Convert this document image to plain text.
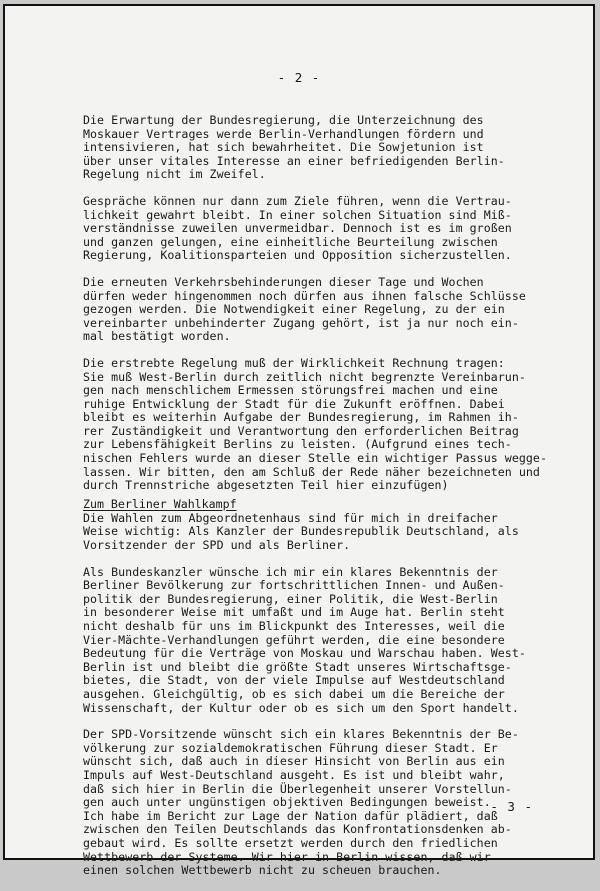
- 2 -
Die Erwartung der Bundesregierung, die Unterzeichnung des
Moskauer Vertrages werde Berlin-Verhandlungen fördern und
intensivieren, hat sich bewahrheitet. Die Sowjetunion ist
über unser vitales Interesse an einer befriedigenden Berlin-
Regelung nicht im Zweifel.
Gespräche können nur dann zum Ziele führen, wenn die Vertrau-
lichkeit gewahrt bleibt. In einer solchen Situation sind Miß-
verständnisse zuweilen unvermeidbar. Dennoch ist es im großen
und ganzen gelungen, eine einheitliche Beurteilung zwischen
Regierung, Koalitionsparteien und Opposition sicherzustellen.
Die erneuten Verkehrsbehinderungen dieser Tage und Wochen
dürfen weder hingenommen noch dürfen aus ihnen falsche Schlüsse
gezogen werden. Die Notwendigkeit einer Regelung, zu der ein
vereinbarter unbehinderter Zugang gehört, ist ja nur noch ein-
mal bestätigt worden.
Die erstrebte Regelung muß der Wirklichkeit Rechnung tragen:
Sie muß West-Berlin durch zeitlich nicht begrenzte Vereinbarun-
gen nach menschlichem Ermessen störungsfrei machen und eine
ruhige Entwicklung der Stadt für die Zukunft eröffnen. Dabei
bleibt es weiterhin Aufgabe der Bundesregierung, im Rahmen ih-
rer Zuständigkeit und Verantwortung den erforderlichen Beitrag
zur Lebensfähigkeit Berlins zu leisten. (Aufgrund eines tech-
nischen Fehlers wurde an dieser Stelle ein wichtiger Passus wegge-
lassen. Wir bitten, den am Schluß der Rede näher bezeichneten und
durch Trennstriche abgesetzten Teil hier einzufügen)
Zum Berliner Wahlkampf
Die Wahlen zum Abgeordnetenhaus sind für mich in dreifacher
Weise wichtig: Als Kanzler der Bundesrepublik Deutschland, als
Vorsitzender der SPD und als Berliner.
Als Bundeskanzler wünsche ich mir ein klares Bekenntnis der
Berliner Bevölkerung zur fortschrittlichen Innen- und Außen-
politik der Bundesregierung, einer Politik, die West-Berlin
in besonderer Weise mit umfaßt und im Auge hat. Berlin steht
nicht deshalb für uns im Blickpunkt des Interesses, weil die
Vier-Mächte-Verhandlungen geführt werden, die eine besondere
Bedeutung für die Verträge von Moskau und Warschau haben. West-
Berlin ist und bleibt die größte Stadt unseres Wirtschaftsge-
bietes, die Stadt, von der viele Impulse auf Westdeutschland
ausgehen. Gleichgültig, ob es sich dabei um die Bereiche der
Wissenschaft, der Kultur oder ob es sich um den Sport handelt.
Der SPD-Vorsitzende wünscht sich ein klares Bekenntnis der Be-
völkerung zur sozialdemokratischen Führung dieser Stadt. Er
wünscht sich, daß auch in dieser Hinsicht von Berlin aus ein
Impuls auf West-Deutschland ausgeht. Es ist und bleibt wahr,
daß sich hier in Berlin die Überlegenheit unserer Vorstellun-
gen auch unter ungünstigen objektiven Bedingungen beweist.
Ich habe im Bericht zur Lage der Nation dafür plädiert, daß
zwischen den Teilen Deutschlands das Konfrontationsdenken ab-
gebaut wird. Es sollte ersetzt werden durch den friedlichen
Wettbewerb der Systeme. Wir hier in Berlin wissen, daß wir
einen solchen Wettbewerb nicht zu scheuen brauchen.
- 3 -
